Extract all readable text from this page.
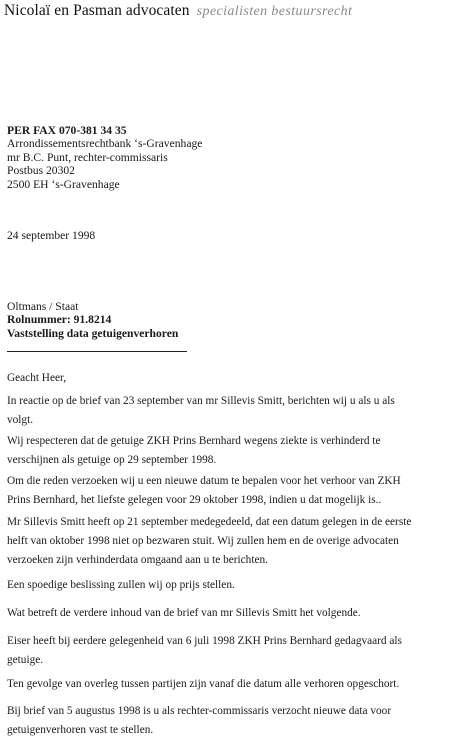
Nicolaï en Pasman advocaten specialisten bestuursrecht
PER FAX 070-381 34 35
Arrondissementsrechtbank ‘s-Gravenhage
mr B.C. Punt, rechter-commissaris
Postbus 20302
2500 EH ‘s-Gravenhage
24 september 1998
Oltmans / Staat
Rolnummer: 91.8214
Vaststelling data getuigenverhoren
Geacht Heer,
In reactie op de brief van 23 september van mr Sillevis Smitt, berichten wij u als u als
volgt.
Wij respecteren dat de getuige ZKH Prins Bernhard wegens ziekte is verhinderd te
verschijnen als getuige op 29 september 1998.
Om die reden verzoeken wij u een nieuwe datum te bepalen voor het verhoor van ZKH
Prins Bernhard, het liefste gelegen voor 29 oktober 1998, indien u dat mogelijk is..
Mr Sillevis Smitt heeft op 21 september medegedeeld, dat een datum gelegen in de eerste
helft van oktober 1998 niet op bezwaren stuit. Wij zullen hem en de overige advocaten
verzoeken zijn verhinderdata omgaand aan u te berichten.
Een spoedige beslissing zullen wij op prijs stellen.
Wat betreft de verdere inhoud van de brief van mr Sillevis Smitt het volgende.
Eiser heeft bij eerdere gelegenheid van 6 juli 1998 ZKH Prins Bernhard gedagvaard als
getuige.
Ten gevolge van overleg tussen partijen zijn vanaf die datum alle verhoren opgeschort.
Bij brief van 5 augustus 1998 is u als rechter-commissaris verzocht nieuwe data voor
getuigenverhoren vast te stellen.
